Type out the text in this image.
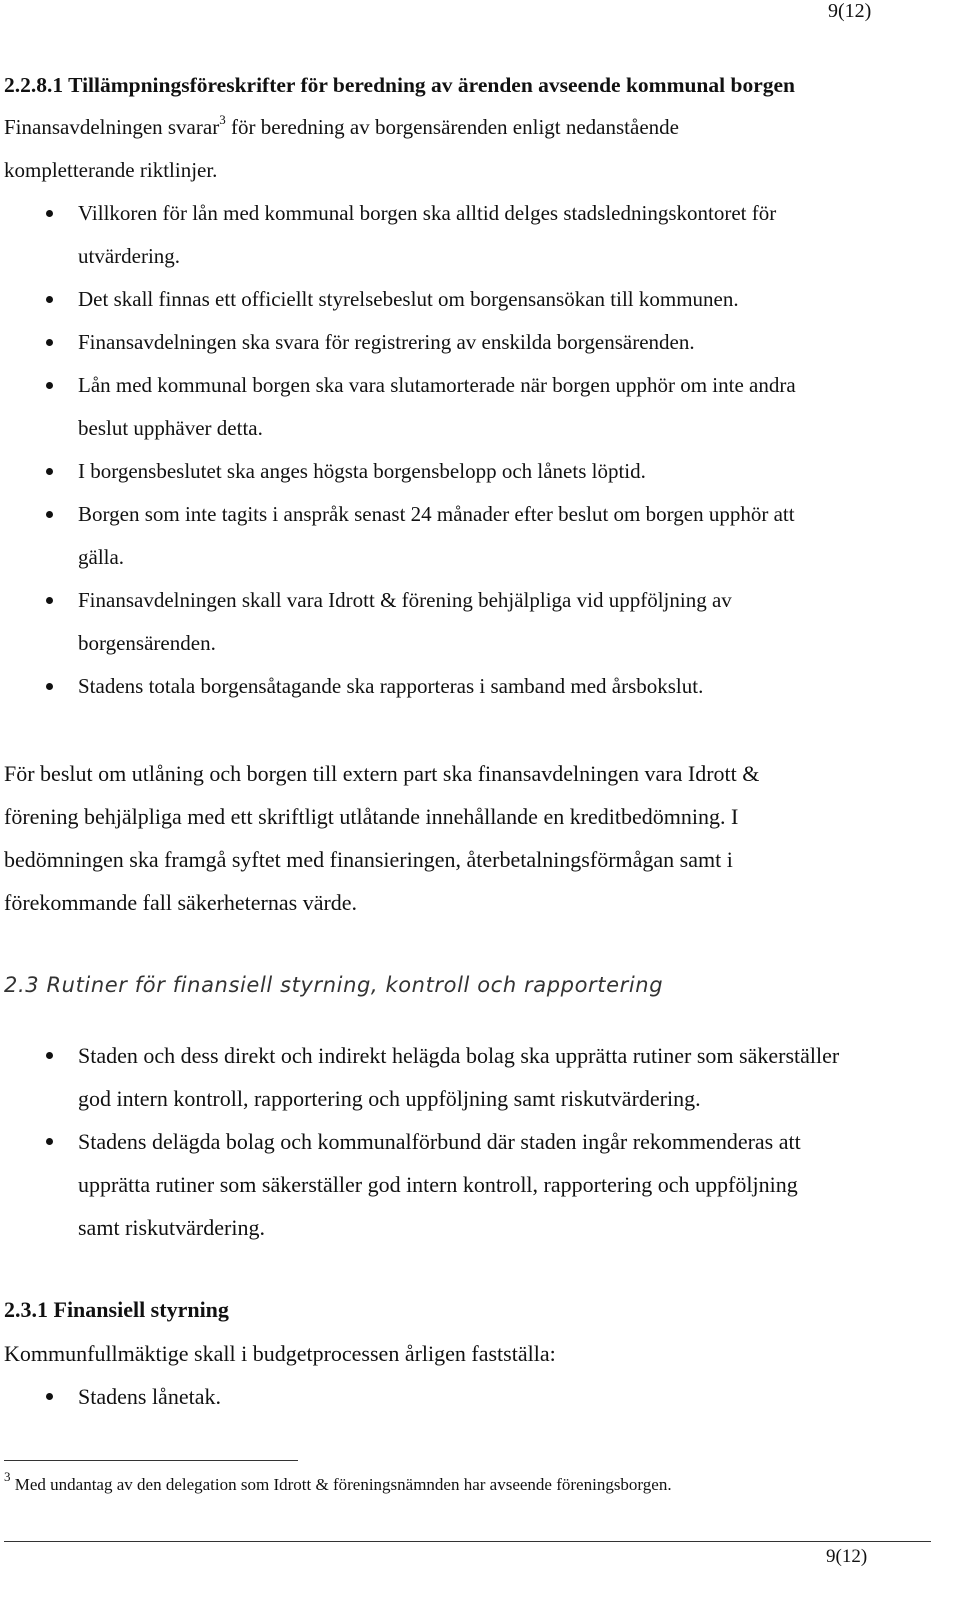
9(12)
2.2.8.1 Tillämpningsföreskrifter för beredning av ärenden avseende kommunal borgen
Finansavdelningen svarar$^3$ för beredning av borgensärenden enligt nedanstående
kompletterande riktlinjer.
Villkoren för lån med kommunal borgen ska alltid delges stadsledningskontoret för
utvärdering.
Det skall finnas ett officiellt styrelsebeslut om borgensansökan till kommunen.
Finansavdelningen ska svara för registrering av enskilda borgensärenden.
Lån med kommunal borgen ska vara slutamorterade när borgen upphör om inte andra
beslut upphäver detta.
I borgensbeslutet ska anges högsta borgensbelopp och lånets löptid.
Borgen som inte tagits i anspråk senast 24 månader efter beslut om borgen upphör att
gälla.
Finansavdelningen skall vara Idrott & förening behjälpliga vid uppföljning av
borgensärenden.
Stadens totala borgensåtagande ska rapporteras i samband med årsbokslut.
För beslut om utlåning och borgen till extern part ska finansavdelningen vara Idrott &
förening behjälpliga med ett skriftligt utlåtande innehållande en kreditbedömning. I
bedömningen ska framgå syftet med finansieringen, återbetalningsförmågan samt i
förekommande fall säkerheternas värde.
2.3 Rutiner för finansiell styrning, kontroll och rapportering
Staden och dess direkt och indirekt helägda bolag ska upprätta rutiner som säkerställer
god intern kontroll, rapportering och uppföljning samt riskutvärdering.
Stadens delägda bolag och kommunalförbund där staden ingår rekommenderas att
upprätta rutiner som säkerställer god intern kontroll, rapportering och uppföljning
samt riskutvärdering.
2.3.1 Finansiell styrning
Kommunfullmäktige skall i budgetprocessen årligen fastställa:
Stadens lånetak.
$^3$ Med undantag av den delegation som Idrott & föreningsnämnden har avseende föreningsborgen.
9(12)
